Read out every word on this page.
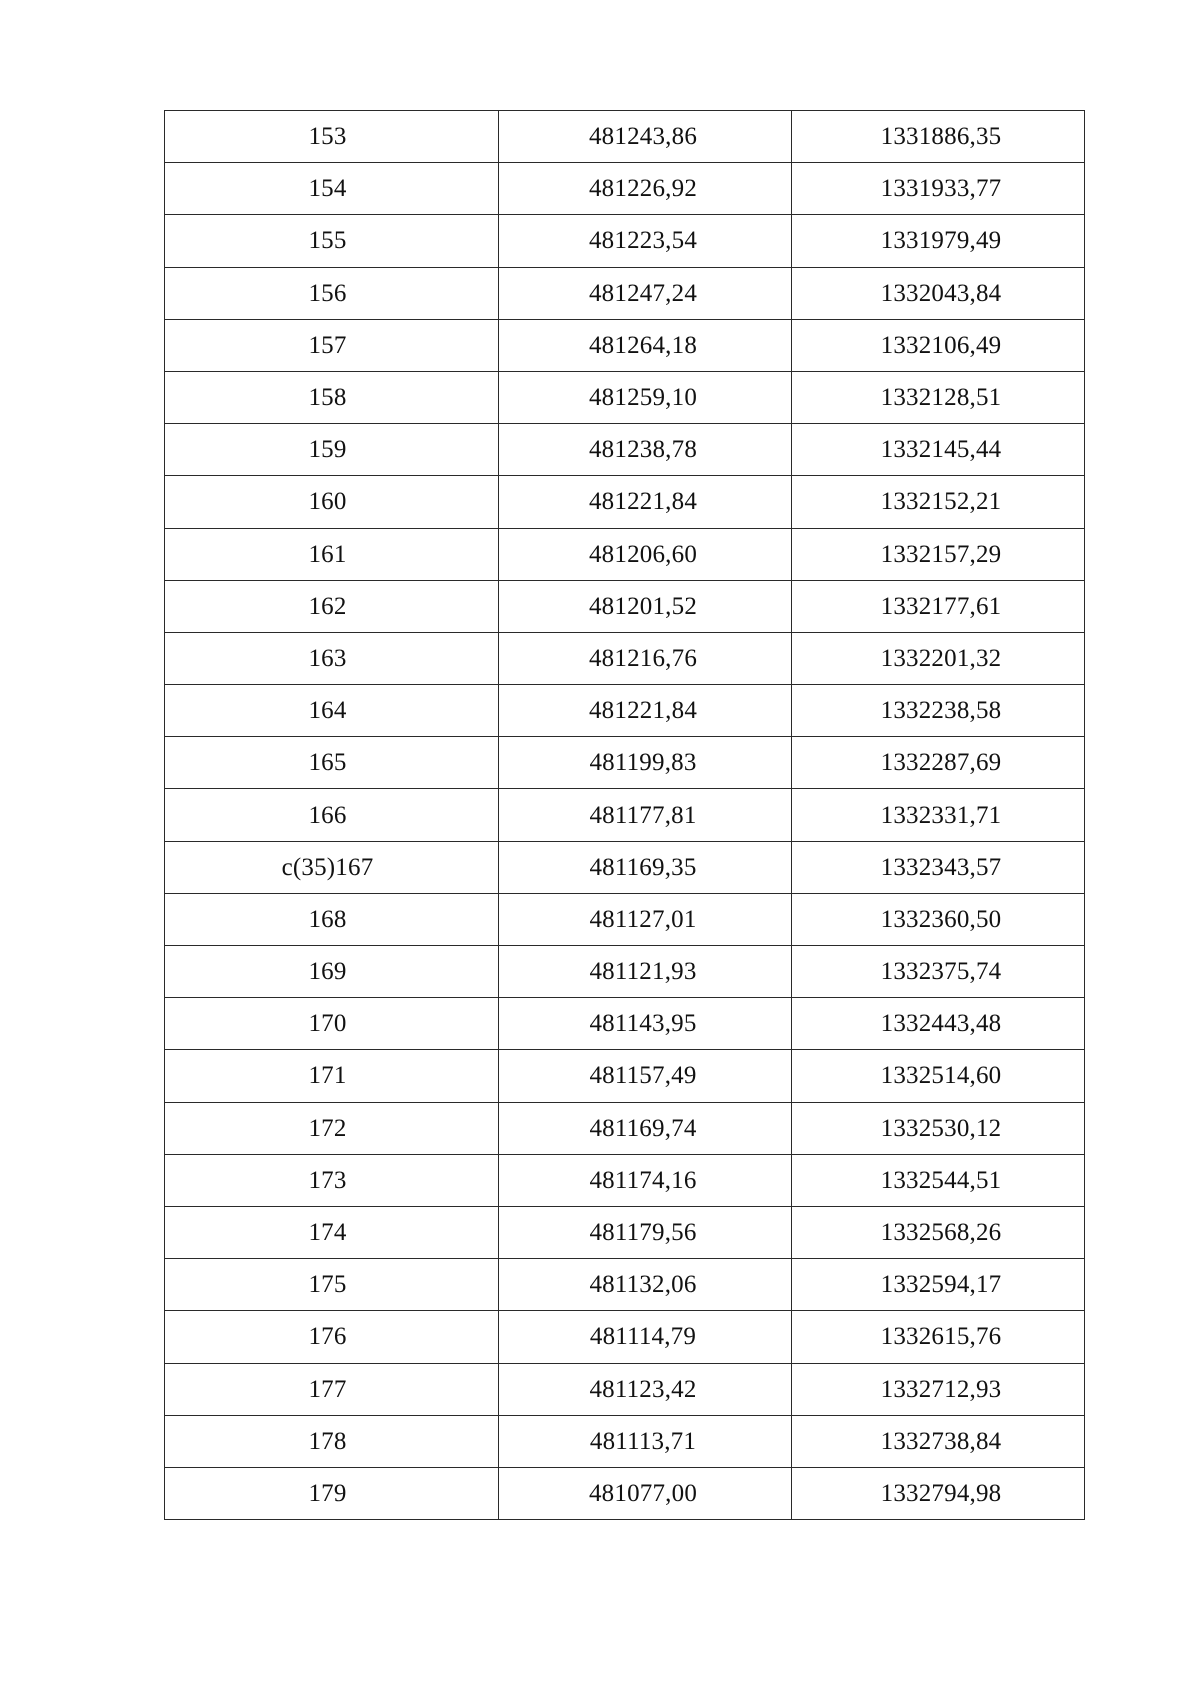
153	481243,86	1331886,35
154	481226,92	1331933,77
155	481223,54	1331979,49
156	481247,24	1332043,84
157	481264,18	1332106,49
158	481259,10	1332128,51
159	481238,78	1332145,44
160	481221,84	1332152,21
161	481206,60	1332157,29
162	481201,52	1332177,61
163	481216,76	1332201,32
164	481221,84	1332238,58
165	481199,83	1332287,69
166	481177,81	1332331,71
c(35)167	481169,35	1332343,57
168	481127,01	1332360,50
169	481121,93	1332375,74
170	481143,95	1332443,48
171	481157,49	1332514,60
172	481169,74	1332530,12
173	481174,16	1332544,51
174	481179,56	1332568,26
175	481132,06	1332594,17
176	481114,79	1332615,76
177	481123,42	1332712,93
178	481113,71	1332738,84
179	481077,00	1332794,98
